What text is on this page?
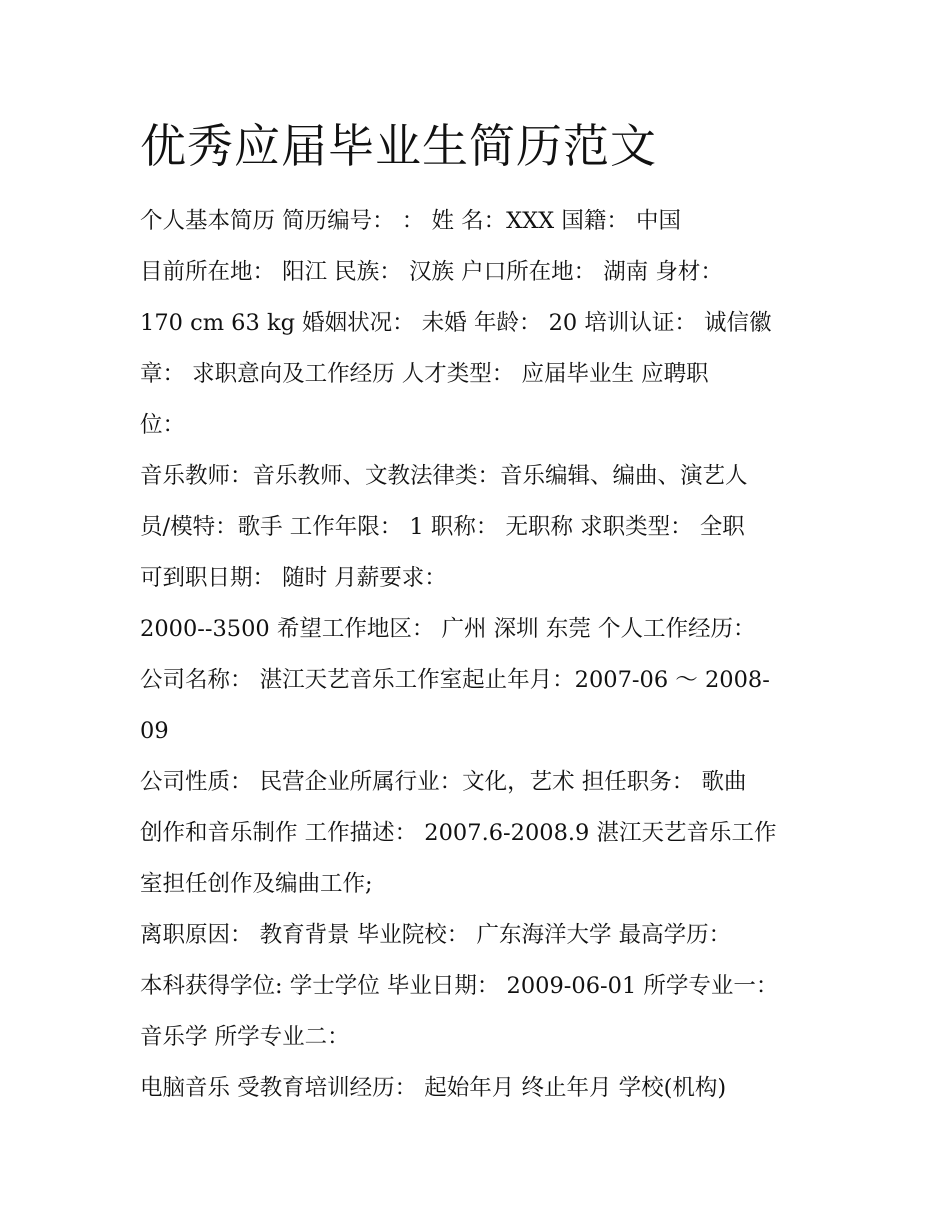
优秀应届毕业生简历范文
个人基本简历 简历编号： ： 姓 名：XXX 国籍： 中国
目前所在地： 阳江 民族： 汉族 户口所在地： 湖南 身材：
170 cm 63 kg 婚姻状况： 未婚 年龄： 20 培训认证： 诚信徽
章： 求职意向及工作经历 人才类型： 应届毕业生 应聘职
位：
音乐教师：音乐教师、文教法律类：音乐编辑、编曲、演艺人
员/模特：歌手 工作年限： 1 职称： 无职称 求职类型： 全职
可到职日期： 随时 月薪要求：
2000--3500 希望工作地区： 广州 深圳 东莞 个人工作经历：
公司名称： 湛江天艺音乐工作室起止年月：2007-06 ～ 2008-
09
公司性质： 民营企业所属行业：文化，艺术 担任职务： 歌曲
创作和音乐制作 工作描述： 2007.6-2008.9 湛江天艺音乐工作
室担任创作及编曲工作;
离职原因： 教育背景 毕业院校： 广东海洋大学 最高学历：
本科获得学位: 学士学位 毕业日期： 2009-06-01 所学专业一：
音乐学 所学专业二：
电脑音乐 受教育培训经历： 起始年月 终止年月 学校(机构)
